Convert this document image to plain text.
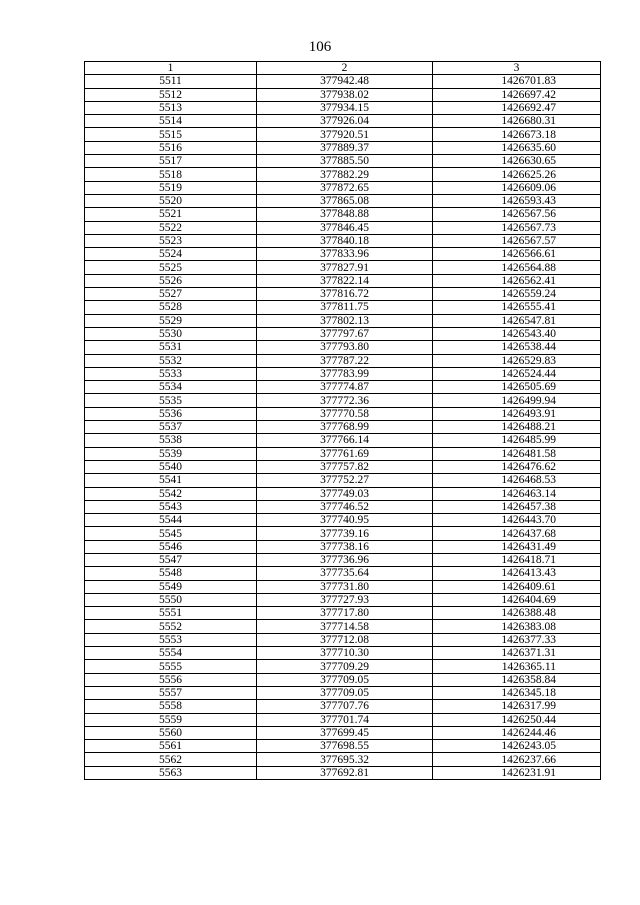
106
1	2	3
5511	377942.48	1426701.83
5512	377938.02	1426697.42
5513	377934.15	1426692.47
5514	377926.04	1426680.31
5515	377920.51	1426673.18
5516	377889.37	1426635.60
5517	377885.50	1426630.65
5518	377882.29	1426625.26
5519	377872.65	1426609.06
5520	377865.08	1426593.43
5521	377848.88	1426567.56
5522	377846.45	1426567.73
5523	377840.18	1426567.57
5524	377833.96	1426566.61
5525	377827.91	1426564.88
5526	377822.14	1426562.41
5527	377816.72	1426559.24
5528	377811.75	1426555.41
5529	377802.13	1426547.81
5530	377797.67	1426543.40
5531	377793.80	1426538.44
5532	377787.22	1426529.83
5533	377783.99	1426524.44
5534	377774.87	1426505.69
5535	377772.36	1426499.94
5536	377770.58	1426493.91
5537	377768.99	1426488.21
5538	377766.14	1426485.99
5539	377761.69	1426481.58
5540	377757.82	1426476.62
5541	377752.27	1426468.53
5542	377749.03	1426463.14
5543	377746.52	1426457.38
5544	377740.95	1426443.70
5545	377739.16	1426437.68
5546	377738.16	1426431.49
5547	377736.96	1426418.71
5548	377735.64	1426413.43
5549	377731.80	1426409.61
5550	377727.93	1426404.69
5551	377717.80	1426388.48
5552	377714.58	1426383.08
5553	377712.08	1426377.33
5554	377710.30	1426371.31
5555	377709.29	1426365.11
5556	377709.05	1426358.84
5557	377709.05	1426345.18
5558	377707.76	1426317.99
5559	377701.74	1426250.44
5560	377699.45	1426244.46
5561	377698.55	1426243.05
5562	377695.32	1426237.66
5563	377692.81	1426231.91
